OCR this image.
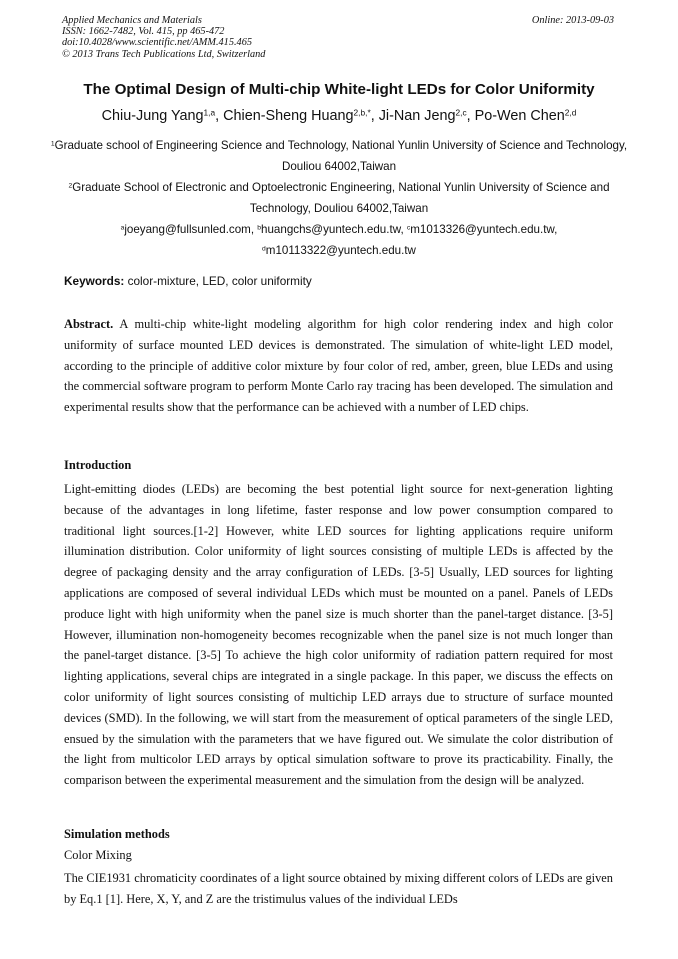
Applied Mechanics and Materials
ISSN: 1662-7482, Vol. 415, pp 465-472
doi:10.4028/www.scientific.net/AMM.415.465
© 2013 Trans Tech Publications Ltd, Switzerland
Online: 2013-09-03
The Optimal Design of Multi-chip White-light LEDs for Color Uniformity
Chiu-Jung Yang$^{1,a}$, Chien-Sheng Huang$^{2,b,*}$, Ji-Nan Jeng$^{2,c}$, Po-Wen Chen$^{2,d}$
$^1$Graduate school of Engineering Science and Technology, National Yunlin University of Science and Technology, Douliou 64002,Taiwan
$^2$Graduate School of Electronic and Optoelectronic Engineering, National Yunlin University of Science and Technology, Douliou 64002,Taiwan
$^a$joeyang@fullsunled.com, $^b$huangchs@yuntech.edu.tw, $^c$m1013326@yuntech.edu.tw,
$^d$m10113322@yuntech.edu.tw
Keywords: color-mixture, LED, color uniformity
Abstract. A multi-chip white-light modeling algorithm for high color rendering index and high color uniformity of surface mounted LED devices is demonstrated. The simulation of white-light LED model, according to the principle of additive color mixture by four color of red, amber, green, blue LEDs and using the commercial software program to perform Monte Carlo ray tracing has been developed. The simulation and experimental results show that the performance can be achieved with a number of LED chips.
Introduction
Light-emitting diodes (LEDs) are becoming the best potential light source for next-generation lighting because of the advantages in long lifetime, faster response and low power consumption compared to traditional light sources.[1-2] However, white LED sources for lighting applications require uniform illumination distribution. Color uniformity of light sources consisting of multiple LEDs is affected by the degree of packaging density and the array configuration of LEDs. [3-5] Usually, LED sources for lighting applications are composed of several individual LEDs which must be mounted on a panel. Panels of LEDs produce light with high uniformity when the panel size is much shorter than the panel-target distance. [3-5] However, illumination non-homogeneity becomes recognizable when the panel size is not much longer than the panel-target distance. [3-5] To achieve the high color uniformity of radiation pattern required for most lighting applications, several chips are integrated in a single package. In this paper, we discuss the effects on color uniformity of light sources consisting of multichip LED arrays due to structure of surface mounted devices (SMD). In the following, we will start from the measurement of optical parameters of the single LED, ensued by the simulation with the parameters that we have figured out. We simulate the color distribution of the light from multicolor LED arrays by optical simulation software to prove its practicability. Finally, the comparison between the experimental measurement and the simulation from the design will be analyzed.
Simulation methods
Color Mixing
The CIE1931 chromaticity coordinates of a light source obtained by mixing different colors of LEDs are given by Eq.1 [1]. Here, X, Y, and Z are the tristimulus values of the individual LEDs
